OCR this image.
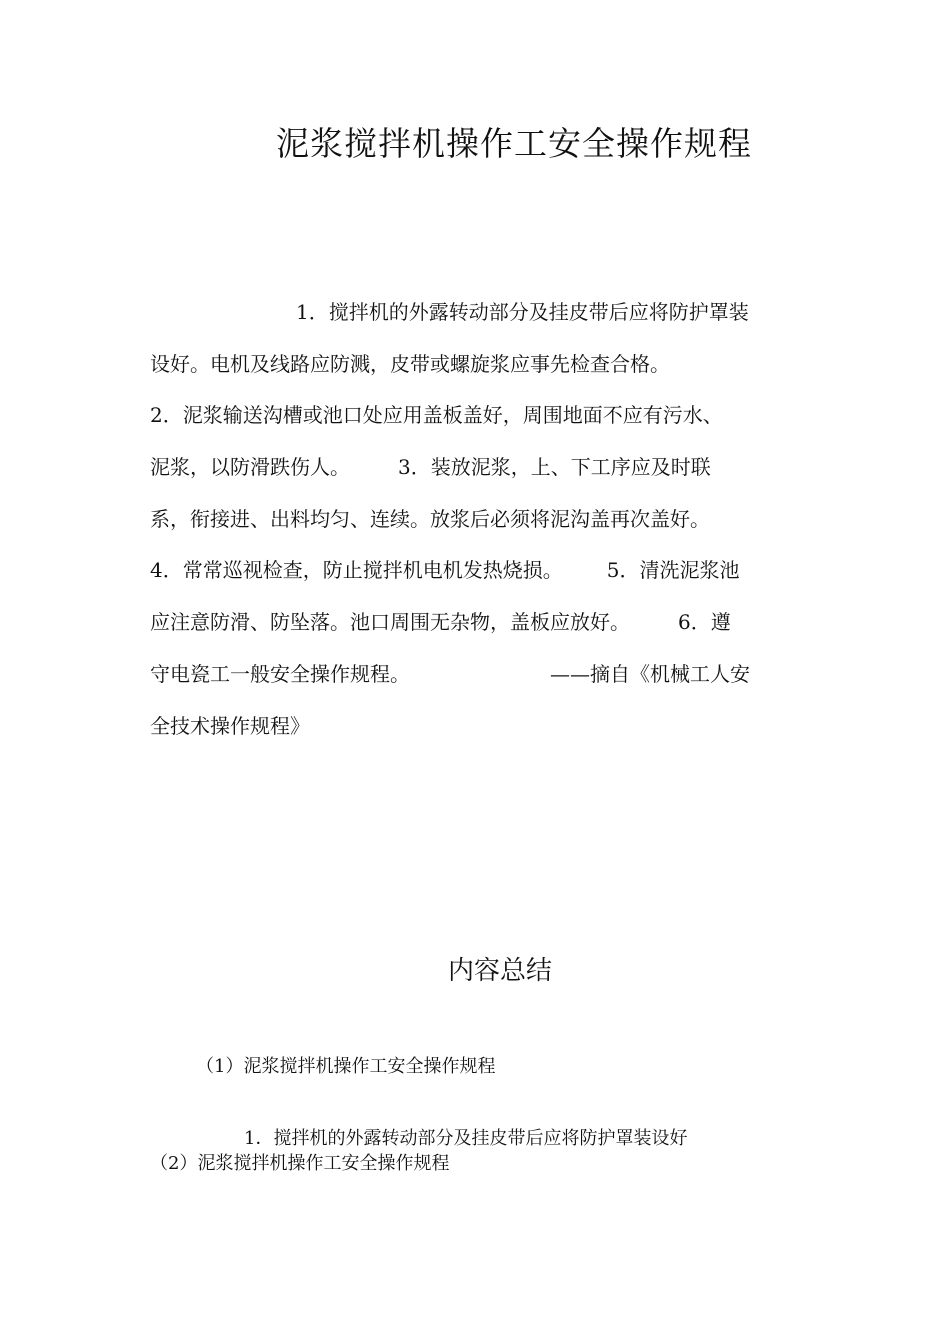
泥浆搅拌机操作工安全操作规程
1．搅拌机的外露转动部分及挂皮带后应将防护罩装
设好。电机及线路应防溅，皮带或螺旋浆应事先检查合格。
2．泥浆输送沟槽或池口处应用盖板盖好，周围地面不应有污水、
泥浆，以防滑跌伤人。 3．装放泥浆，上、下工序应及时联
系，衔接进、出料均匀、连续。放浆后必须将泥沟盖再次盖好。
4．常常巡视检查，防止搅拌机电机发热烧损。 5．清洗泥浆池
应注意防滑、防坠落。池口周围无杂物，盖板应放好。 6．遵
守电瓷工一般安全操作规程。	——摘自《机械工人安
全技术操作规程》
内容总结
（1）泥浆搅拌机操作工安全操作规程
1．搅拌机的外露转动部分及挂皮带后应将防护罩装设好
（2）泥浆搅拌机操作工安全操作规程
